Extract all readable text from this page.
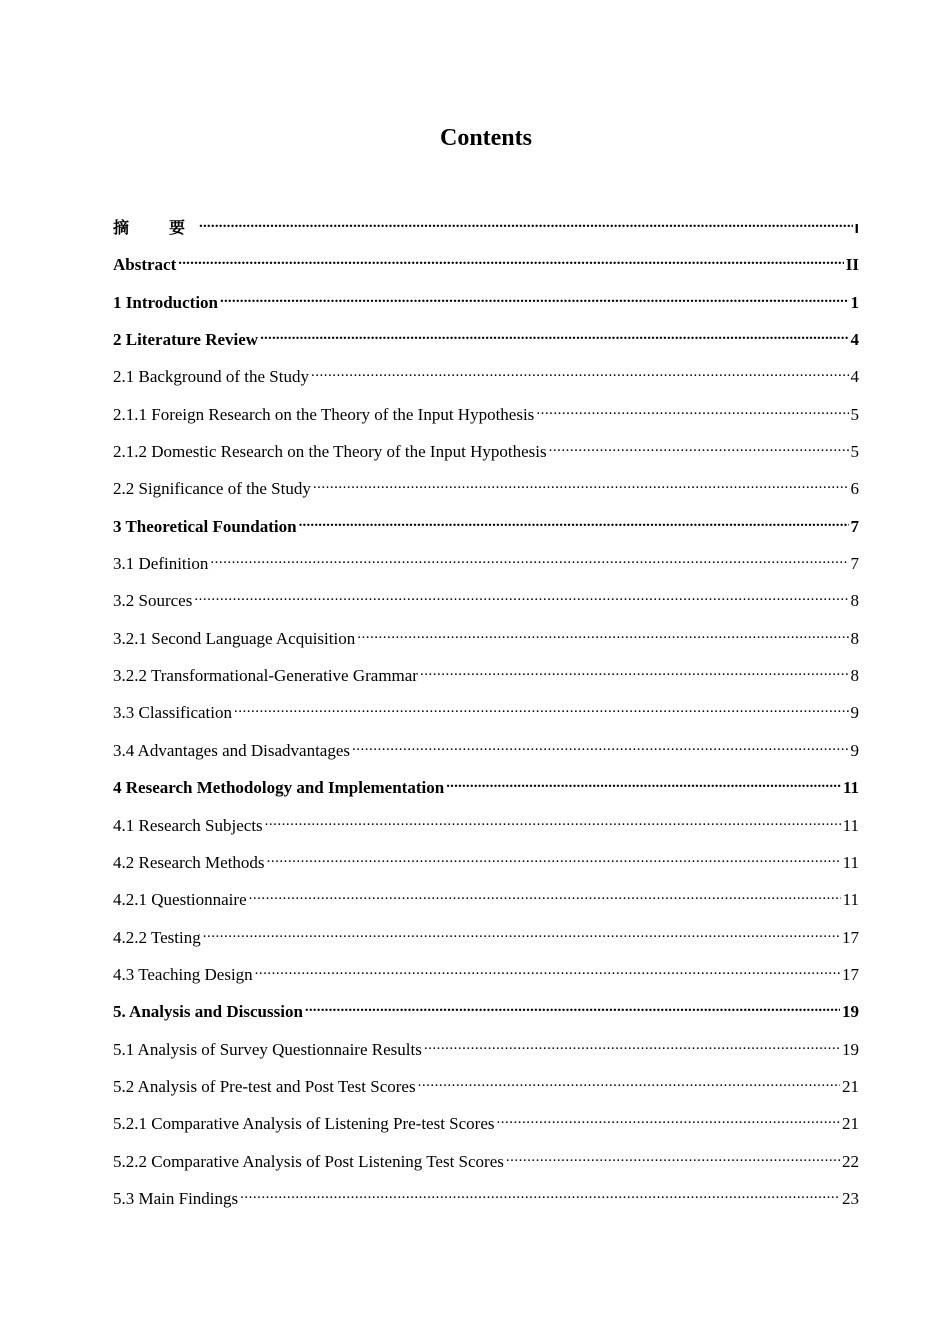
Contents
摘　要 .....	I
Abstract .....	II
1 Introduction .....	1
2 Literature Review .....	4
2.1 Background of the Study .....	4
2.1.1 Foreign Research on the Theory of the Input Hypothesis .....	5
2.1.2 Domestic Research on the Theory of the Input Hypothesis .....	5
2.2 Significance of the Study .....	6
3 Theoretical Foundation .....	7
3.1 Definition .....	7
3.2 Sources .....	8
3.2.1 Second Language Acquisition .....	8
3.2.2 Transformational-Generative Grammar .....	8
3.3 Classification .....	9
3.4 Advantages and Disadvantages .....	9
4 Research Methodology and Implementation .....	11
4.1 Research Subjects .....	11
4.2 Research Methods .....	11
4.2.1 Questionnaire .....	11
4.2.2 Testing .....	17
4.3 Teaching Design .....	17
5. Analysis and Discussion .....	19
5.1 Analysis of Survey Questionnaire Results .....	19
5.2 Analysis of Pre-test and Post Test Scores .....	21
5.2.1 Comparative Analysis of Listening Pre-test Scores .....	21
5.2.2 Comparative Analysis of Post Listening Test Scores .....	22
5.3 Main Findings .....	23
